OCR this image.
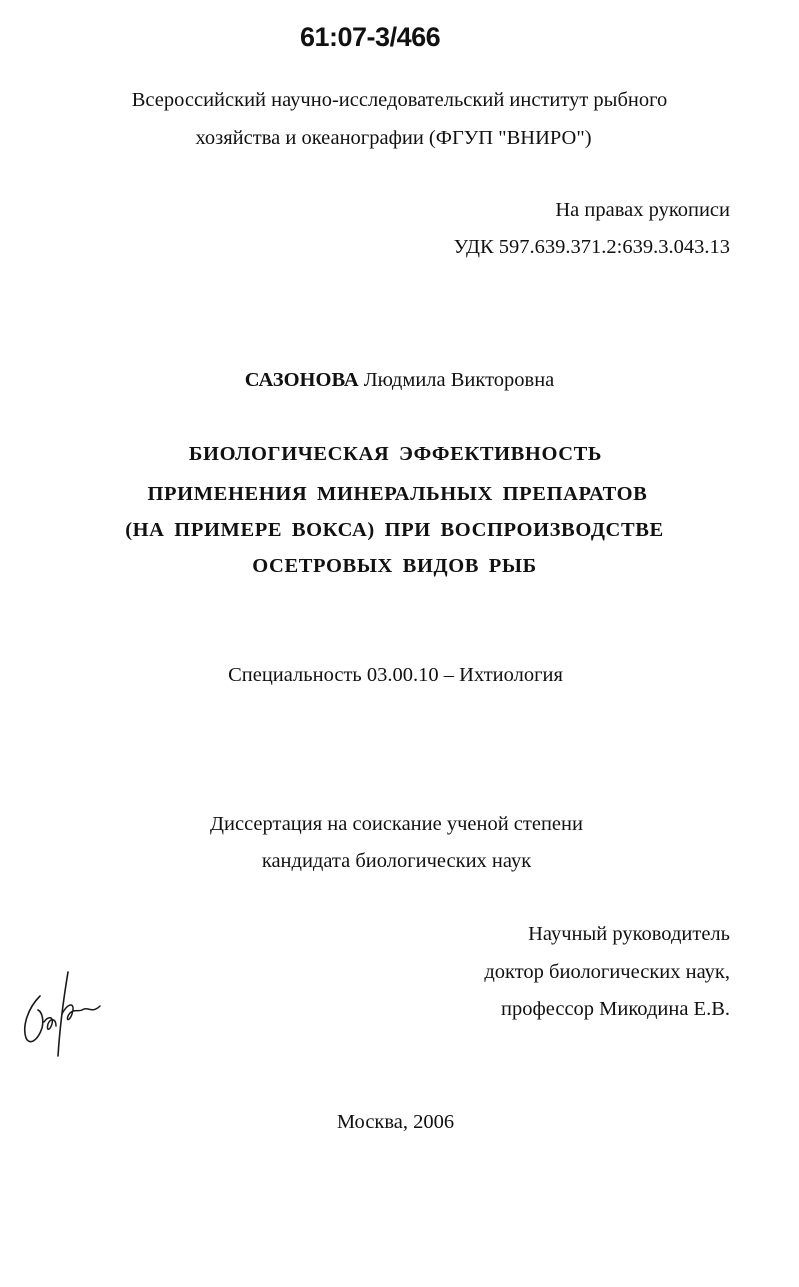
61:07-3/466
Всероссийский научно-исследовательский институт рыбного
хозяйства и океанографии (ФГУП "ВНИРО")
На правах рукописи
УДК 597.639.371.2:639.3.043.13
САЗОНОВА Людмила Викторовна
БИОЛОГИЧЕСКАЯ ЭФФЕКТИВНОСТЬ
ПРИМЕНЕНИЯ МИНЕРАЛЬНЫХ ПРЕПАРАТОВ
(НА ПРИМЕРЕ ВОКСА) ПРИ ВОСПРОИЗВОДСТВЕ
ОСЕТРОВЫХ ВИДОВ РЫБ
Специальность 03.00.10 – Ихтиология
Диссертация на соискание ученой степени
кандидата биологических наук
Научный руководитель
доктор биологических наук,
профессор Микодина Е.В.
Москва, 2006
